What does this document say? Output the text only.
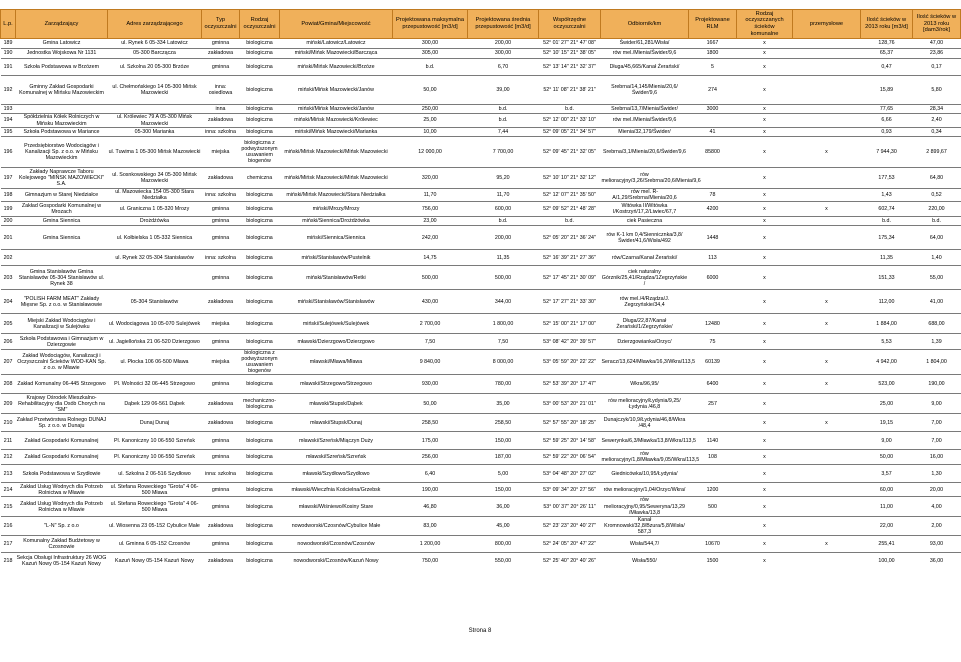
L.p.	Zarządzający	Adres zarządzającego	Typ oczyszczalni	Rodzaj oczyszczalni	Powiat/Gmina/Miejscowość	Projektowana maksymalna przepustowość [m3/d]	Projektowana średnia przepustowość [m3/d]	Współrzędne oczyszczalni	Odbiornik/km	Projektowane RLM	Rodzaj oczyszczanych ścieków
komunalne	przemysłowe	Ilość ścieków w 2013 roku [m3/d]	Ilość ścieków w 2013 roku [dam3/rok]

189	Gmina Latowicz	ul. Rynek 6 05-334 Latowicz	gminna	biologiczna	miński/Latowicz/Latowicz	300,00	200,00	52° 01' 27" 21° 47' 08"	Świder/61,281/Wisła/	1667	x		128,76	47,00
190	Jednostka Wojskowa Nr 1131	05-300 Barczącza	zakładowa	biologiczna	miński/Mińsk Mazowiecki/Barcząca	305,00	300,00	52° 10' 15" 21° 38' 05"	rów mel./Mienia/Świder/9,6	1800	x		65,37	23,86
191	Szkoła Podstawowa w Brzózem	ul. Szkolna 20 05-300 Brzóze	gminna	biologiczna	miński/Mińsk Mazowiecki/Brzóze	b.d.	6,70	52° 13' 14" 21° 32' 37"	Długa/45,665/Kanał Żerański/	5	x		0,47	0,17
192	Gminny Zakład Gospodarki Komunalnej w Mińsku Mazowieckim	ul. Chełmońskiego 14 05-300 Mińsk Mazowiecki	inna: osiedlowa	biologiczna	miński/Mińsk Mazowiecki/Janów	50,00	39,00	52° 11' 08" 21° 38' 21"	Srebrna/14,145/Mienia/20,6/Świder/9,6	274	x		15,89	5,80
193			inna	biologiczna	miński/Mińsk Mazowiecki/Janów	250,00	b.d.	b.d.	Srebrna/13,7/Mienia/Świder/	3000	x		77,65	28,34
194	Spółdzielnia Kółek Rolniczych w Mińsku Mazowieckim	ul. Królewiec 79 A 05-300 Mińsk Mazowiecki	zakładowa	biologiczna	miński/Mińsk Mazowiecki/Królewiec	25,00	b.d.	52° 12' 00" 21° 33' 10"	rów mel./Mienia/Świder/9,6		x		6,66	2,40
195	Szkoła Podstawowa w Mariance	05-300 Marianka	inna: szkolna	biologiczna	miński/Mińsk Mazowiecki/Marianka	10,00	7,44	52° 09' 05" 21° 34' 57"	Mienia/32,179/Świder/	41	x		0,93	0,34
196	Przedsiębiorstwo Wodociągów i Kanalizacji Sp. z o.o. w Mińsku Mazowieckim	ul. Tuwima 1 05-300 Mińsk Mazowiecki	miejska	biologiczna z podwyższonym usuwaniem biogenów	miński/Mińsk Mazowiecki/Mińsk Mazowiecki	12 000,00	7 700,00	52° 09' 45" 21° 32' 05"	Srebrna/3,1/Mienia/20,6/Świder/9,6	85800	x	x	7 944,30	2 899,67
197	Zakłady Naprawcze Taboru Kolejowego "MIŃSK MAZOWIECKI" S.A.	ul. Sosnkowskiego 34 05-300 Mińsk Mazowiecki	zakładowa	chemiczna	miński/Mińsk Mazowiecki/Mińsk Mazowiecki	320,00	95,20	52° 10' 10" 21° 32' 12"	rów melioracyjny/3,26/Srebrna/20,6/Mienia/9,6		x		177,53	64,80
198	Gimnazjum w Starej Niedziałce	ul. Mazowiecka 154 05-300 Stara Niedziałka	inna: szkolna	biologiczna	miński/Mińsk Mazowiecki/Stara Niedziałka	11,70	11,70	52° 12' 07" 21° 35' 50"	rów mel. R-A/1,29/Srebrna/Mienia/20,6	78	x		1,43	0,52
199	Zakład Gospodarki Komunalnej w Mrozach	ul. Graniczna 1 05-320 Mrozy	gminna	biologiczna	miński/Mrozy/Mrozy	756,00	600,00	52° 09' 52" 21° 48' 28"	Witówka II/Witówka I/Kostrzyń/17,2/Liwiec/67,7	4200	x	x	602,74	220,00
200	Gmina Siennica	Drożdżówka	gminna	biologiczna	miński/Siennica/Drożdżówka	23,00	b.d.	b.d.	ciek Pasieczna		x		b.d.	b.d.
201	Gmina Siennica	ul. Kołbielska 1 05-332 Siennica	gminna	biologiczna	miński/Siennica/Siennica	242,00	200,00	52° 05' 20" 21° 36' 24"	rów K-1 km 0,4/Siennicznka/3,8/Świder/41,6/Wisła/492	1448	x		175,34	64,00
202		ul. Rynek 32 05-304 Stanisławów	inna: szkolna	biologiczna	miński/Stanisławów/Pustelnik	14,75	11,35	52° 16' 39" 21° 27' 36"	rów/Czarna/Kanał Żerański/	113	x		11,35	1,40
203	Gmina Stanisławów Gmina Stanisławów 05-304 Stanisławów ul. Rynek 38		gminna	biologiczna	miński/Stanisławów/Retki	500,00	500,00	52° 17' 45" 21° 30' 09"	ciek naturalny Górznik/25,41/Rządza/1Zegrzyńskie /	6000	x		151,33	55,00
204	"POLISH FARM MEAT" Zakłady Mięsne Sp. z o.o. w Stanisławowie	05-304 Stanisławów	zakładowa	biologiczna	miński/Stanisławów/Stanisławów	430,00	344,00	52° 17' 27" 21° 33' 30"	rów mel./4/Rządza/J. Zegrzyńskie/34,4		x	x	112,00	41,00
205	Miejski Zakład Wodociągów i Kanalizacji w Sulejówku	ul. Wodociągowa 10 05-070 Sulejówek	miejska	biologiczna	miński/Sulejówek/Sulejówek	2 700,00	1 800,00	52° 15' 00" 21° 17' 00"	Długa/22,87/Kanał Żerański/1/Zegrzyńskie/	12480	x	x	1 884,00	688,00
206	Szkoła Podstawowa i Gimnazjum w Dzierzgowie	ul. Jagiellońska 21 06-520 Dzierzgowo	gminna	biologiczna	mławski/Dzierzgowo/Dzierzgowo	7,50	7,50	53° 08' 42" 20° 39' 57"	Dzierzgowianka/Orzyc/	75	x		5,53	1,39
207	Zakład Wodociągów, Kanalizacji i Oczyszczalni Ścieków WOD-KAN Sp. z o.o. w Mławie	ul. Płocka 106 06-500 Mława	miejska	biologiczna z podwyższonym usuwaniem biogenów	mławski/Mława/Mława	9 840,00	8 000,00	53° 05' 59" 20° 22' 22"	Seracz/13,624/Mławka/16,3/Wkra/113,5	60139	x	x	4 942,00	1 804,00
208	Zakład Komunalny 06-445 Strzegowo	Pl. Wolności 32 06-445 Strzegowo	gminna	biologiczna	mławski/Strzegowo/Strzegowo	930,00	780,00	52° 53' 39" 20° 17' 47"	Wkra/96,95/	6400	x	x	523,00	190,00
209	Krajowy Ośrodek Mieszkalno-Rehabilitacyjny dla Osób Chorych na "SM"	Dąbek 129 06-561 Dąbek	zakładowa	mechaniczno-biologiczna	mławski/Stupsk/Dąbek	50,00	35,00	53° 00' 53" 20° 21' 01"	rów melioracyjny/Łydynia/9,25/Łydynia /46,8	257	x		25,00	9,00
210	Zakład Przetwórstwa Rolnego DUNAJ Sp. z o.o. w Dunaju	Dunaj Dunaj	zakładowa	biologiczna	mławski/Stupsk/Dunaj	258,50	258,50	52° 57' 55" 20° 18' 25"	Dunajczyk/10,9/Łydynia/46,8/Wkra /48,4		x	x	19,15	7,00
211	Zakład Gospodarki Komunalnej	Pl. Kanoniczny 10 06-550 Szreńsk	gminna	biologiczna	mławski/Szreńsk/Miączyn Duży	175,00	150,00	52° 59' 25" 20° 14' 58"	Sewerynka/6,3/Mławka/13,8/Wkra/113,5	1140	x		9,00	7,00
212	Zakład Gospodarki Komunalnej	Pl. Kanoniczny 10 06-550 Szreńsk	gminna	biologiczna	mławski/Szreńsk/Szreńsk	256,00	187,00	52° 59' 22" 20° 06' 54"	rów melioracyjny/1,8/Mławka/9,05/Wkra/113,5	108	x		50,00	16,00
213	Szkoła Podstawowa w Szydłowie	ul. Szkolna 2 06-516 Szydłowo	inna: szkolna	biologiczna	mławski/Szydłowo/Szydłowo	6,40	5,00	53° 04' 48" 20° 27' 02"	Giednicówka/10,95/Łydynia/		x		3,57	1,30
214	Zakład Usług Wodnych dla Potrzeb Rolnictwa w Mławie	ul. Stefana Roweckiego "Grota" 4 06-500 Mława	gminna	biologiczna	mławski/Wieczfnia Kościelna/Grzebsk	190,00	150,00	53° 09' 34" 20° 27' 56"	rów melioracyjny/1,04/Orzyc/Wkra/	1200	x		60,00	20,00
215	Zakład Usług Wodnych dla Potrzeb Rolnictwa w Mławie	ul. Stefana Roweckiego "Grota" 4 06-500 Mława	gminna	biologiczna	mławski/Wiśniewo/Kosiny Stare	46,80	36,00	53° 00' 37" 20° 26' 11"	rów melioracyjny/0,95/Seweryna/13,29 /Mławka/13,8	500	x		11,00	4,00
216	"L-N" Sp. z o.o	ul. Wiosenna 23 05-152 Cybulice Małe	zakładowa	biologiczna	nowodworski/Czosnów/Cybulice Małe	83,00	45,00	52° 23' 23" 20° 40' 27"	Kanał Kromnowski/32,8/Bzura/5,8/Wisła/ 587,3		x		22,00	2,00
217	Komunalny Zakład Budżetowy w Czosnowie	ul. Gminna 6 05-152 Czosnów	gminna	biologiczna	nowodworski/Czosnów/Czosnów	1 200,00	800,00	52° 24' 05" 20° 47' 22"	Wisła/544,7/	10670	x	x	255,41	93,00
218	Sekcja Obsługi Infrastruktury 26 WOG Kazuń Nowy 05-154 Kazuń Nowy	Kazuń Nowy 05-154 Kazuń Nowy	zakładowa	biologiczna	nowodworski/Czosnów/Kazuń Nowy	750,00	550,00	52° 25' 40" 20° 40' 26"	Wisła/550/	1500	x		100,00	36,00
Strona 8
